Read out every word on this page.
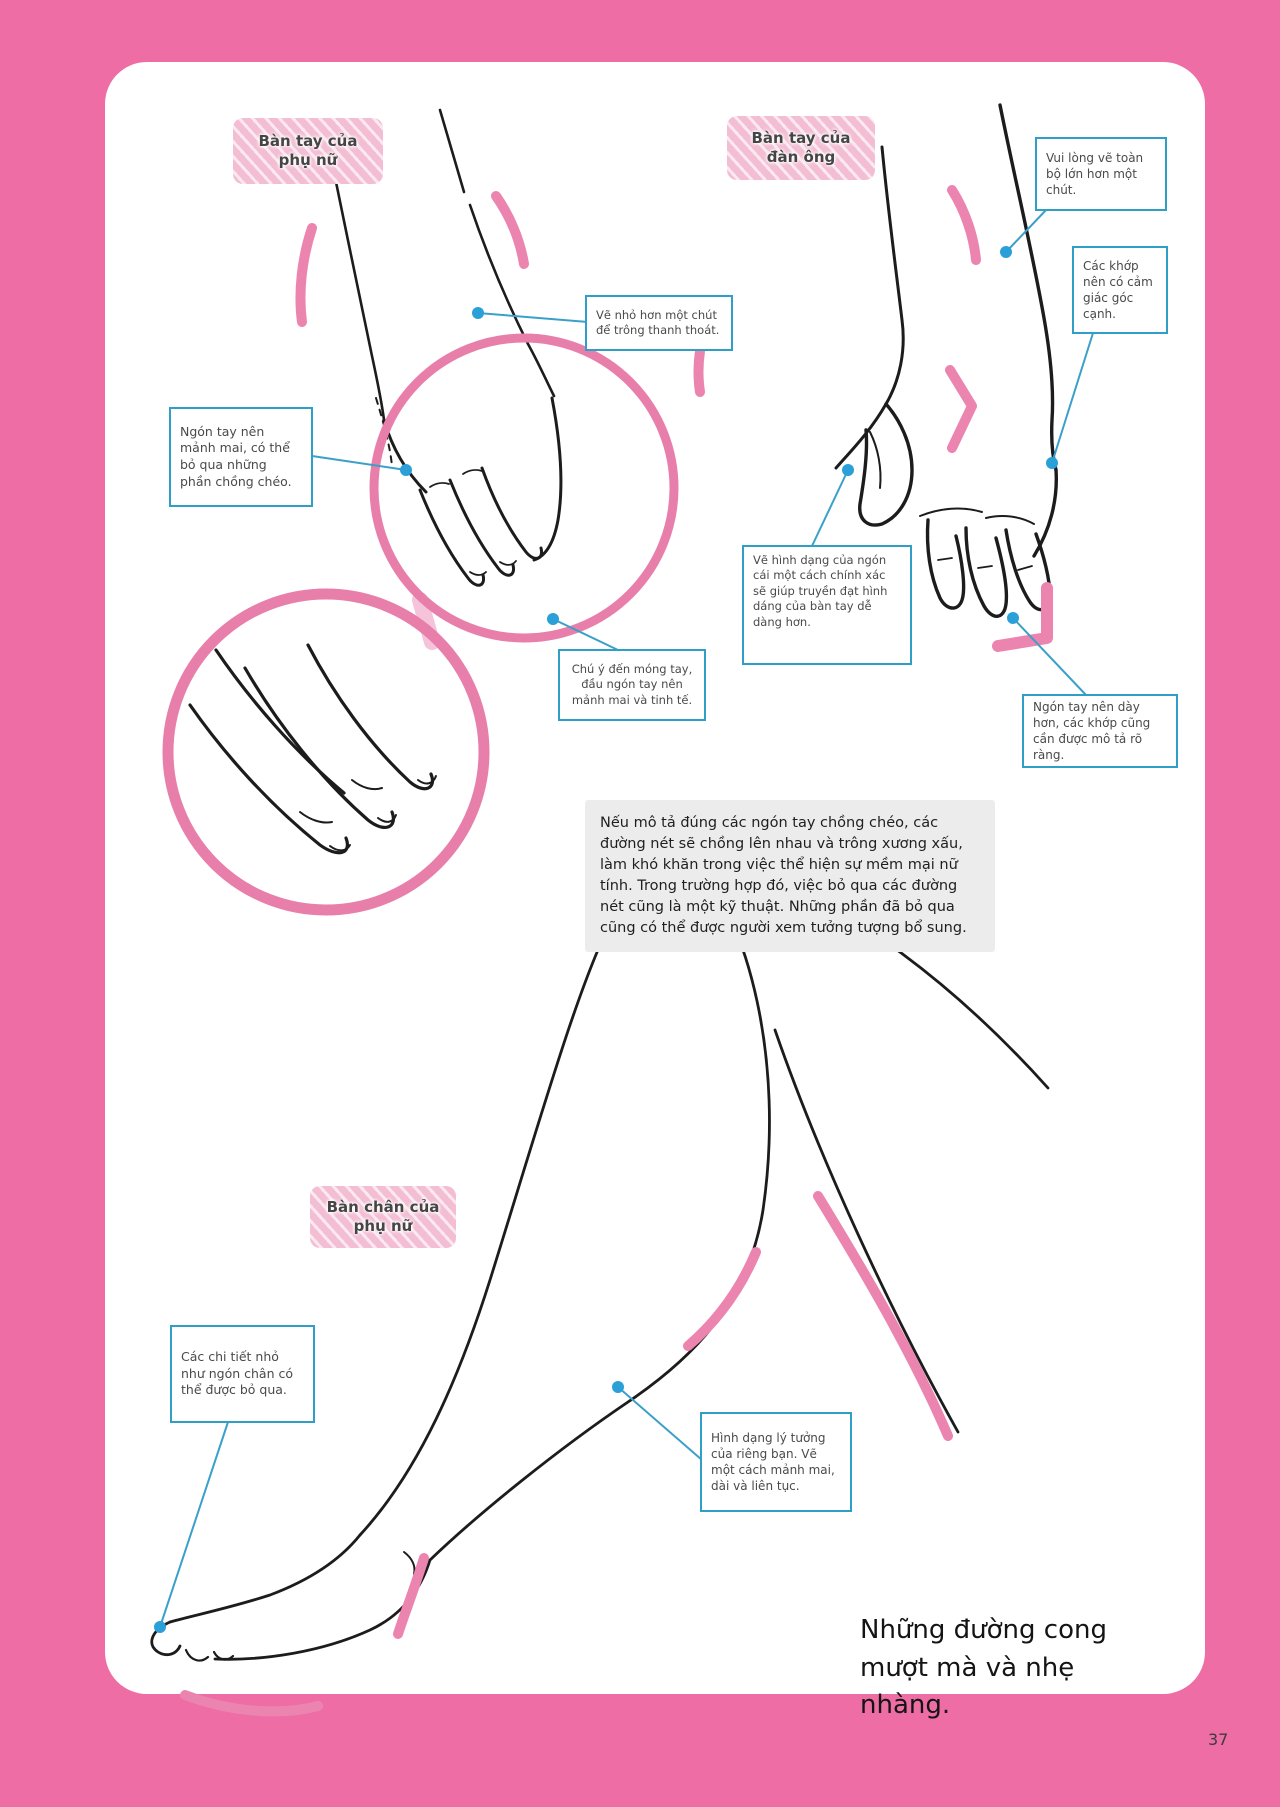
Bàn tay của phụ nữ
Bàn tay của đàn ông
Bàn chân của phụ nữ
Vẽ nhỏ hơn một chút để trông thanh thoát.
Vui lòng vẽ toàn bộ lớn hơn một chút.
Các khớp nên có cảm giác góc cạnh.
Ngón tay nên mảnh mai, có thể bỏ qua những phần chồng chéo.
Chú ý đến móng tay, đầu ngón tay nên mảnh mai và tinh tế.
Vẽ hình dạng của ngón cái một cách chính xác sẽ giúp truyền đạt hình dáng của bàn tay dễ dàng hơn.
Ngón tay nên dày hơn, các khớp cũng cần được mô tả rõ ràng.
Các chi tiết nhỏ như ngón chân có thể được bỏ qua.
Hình dạng lý tưởng của riêng bạn. Vẽ một cách mảnh mai, dài và liên tục.
Nếu mô tả đúng các ngón tay chồng chéo, các đường nét sẽ chồng lên nhau và trông xương xấu, làm khó khăn trong việc thể hiện sự mềm mại nữ tính. Trong trường hợp đó, việc bỏ qua các đường nét cũng là một kỹ thuật. Những phần đã bỏ qua cũng có thể được người xem tưởng tượng bổ sung.
Những đường cong mượt mà và nhẹ nhàng.
37
